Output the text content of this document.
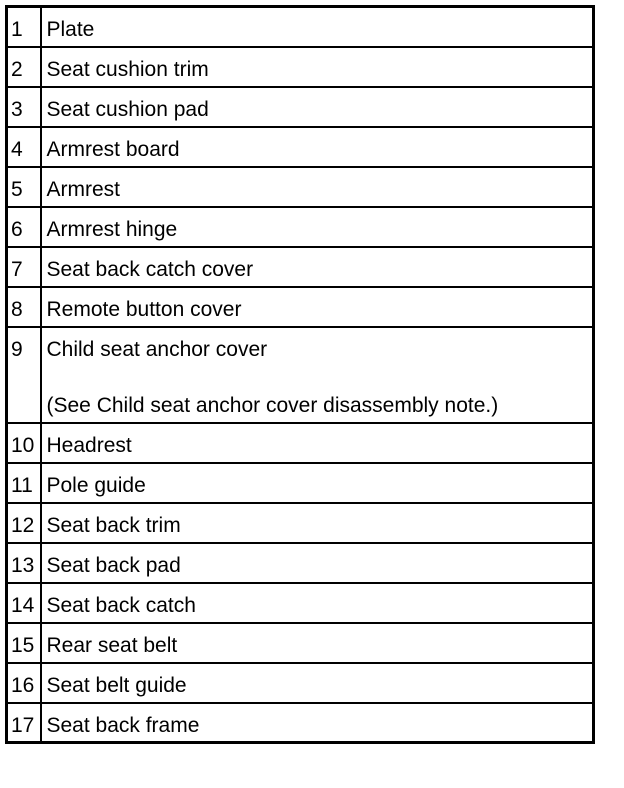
1	Plate
2	Seat cushion trim
3	Seat cushion pad
4	Armrest board
5	Armrest
6	Armrest hinge
7	Seat back catch cover
8	Remote button cover
9	Child seat anchor cover
(See Child seat anchor cover disassembly note.)

10	Headrest
11	Pole guide
12	Seat back trim
13	Seat back pad
14	Seat back catch
15	Rear seat belt
16	Seat belt guide
17	Seat back frame
